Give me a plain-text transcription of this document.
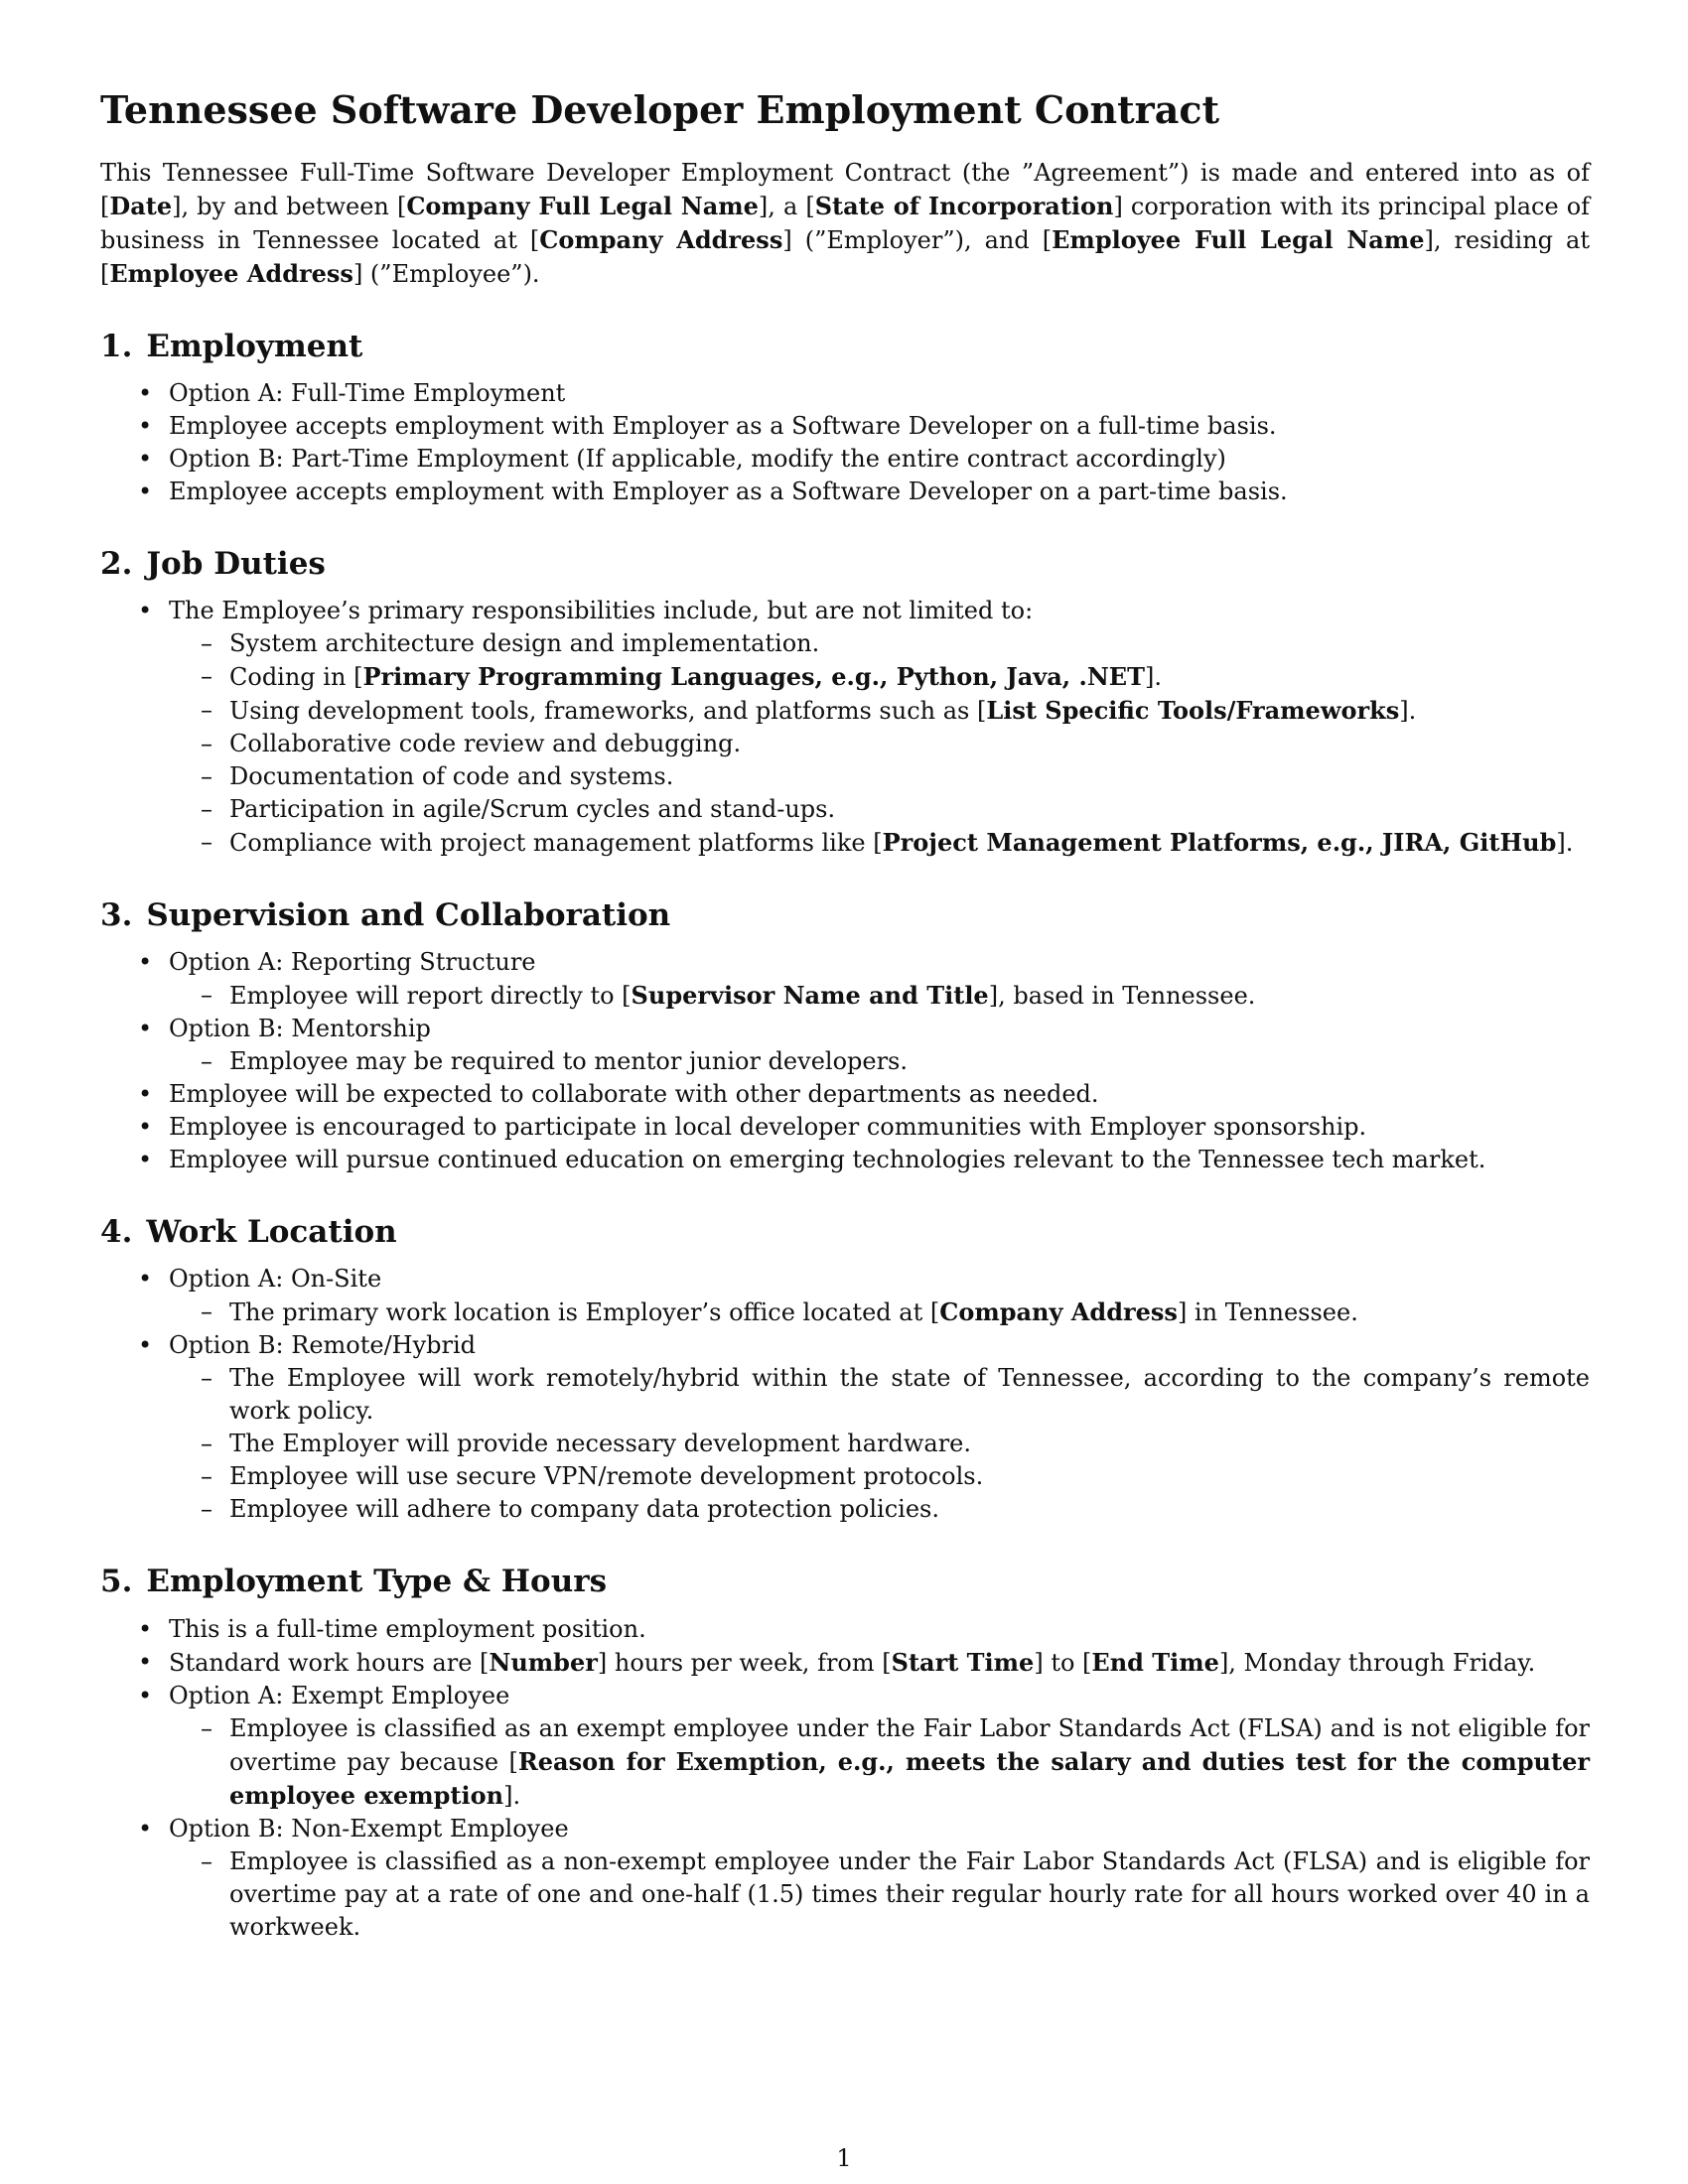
Tennessee Software Developer Employment Contract

This Tennessee Full-Time Software Developer Employment Contract (the ”Agreement”) is made and entered into as of [Date], by and between [Company Full Legal Name], a [State of Incorporation] corporation with its principal place of business in Tennessee located at [Company Address] (”Employer”), and [Employee Full Legal Name], residing at [Employee Address] (”Employee”).

1. Employment
• Option A: Full-Time Employment
• Employee accepts employment with Employer as a Software Developer on a full-time basis.
• Option B: Part-Time Employment (If applicable, modify the entire contract accordingly)
• Employee accepts employment with Employer as a Software Developer on a part-time basis.
2. Job Duties
• The Employee’s primary responsibilities include, but are not limited to:
– System architecture design and implementation.
– Coding in [Primary Programming Languages, e.g., Python, Java, .NET].
– Using development tools, frameworks, and platforms such as [List Specific Tools/Frameworks].
– Collaborative code review and debugging.
– Documentation of code and systems.
– Participation in agile/Scrum cycles and stand-ups.
– Compliance with project management platforms like [Project Management Platforms, e.g., JIRA, GitHub].
3. Supervision and Collaboration
• Option A: Reporting Structure
– Employee will report directly to [Supervisor Name and Title], based in Tennessee.
• Option B: Mentorship
– Employee may be required to mentor junior developers.
• Employee will be expected to collaborate with other departments as needed.
• Employee is encouraged to participate in local developer communities with Employer sponsorship.
• Employee will pursue continued education on emerging technologies relevant to the Tennessee tech market.
4. Work Location
• Option A: On-Site
– The primary work location is Employer’s office located at [Company Address] in Tennessee.
• Option B: Remote/Hybrid
– The Employee will work remotely/hybrid within the state of Tennessee, according to the company’s remote work policy.
– The Employer will provide necessary development hardware.
– Employee will use secure VPN/remote development protocols.
– Employee will adhere to company data protection policies.
5. Employment Type & Hours
• This is a full-time employment position.
• Standard work hours are [Number] hours per week, from [Start Time] to [End Time], Monday through Friday.
• Option A: Exempt Employee
– Employee is classified as an exempt employee under the Fair Labor Standards Act (FLSA) and is not eligible for overtime pay because [Reason for Exemption, e.g., meets the salary and duties test for the computer employee exemption].
• Option B: Non-Exempt Employee
– Employee is classified as a non-exempt employee under the Fair Labor Standards Act (FLSA) and is eligible for overtime pay at a rate of one and one-half (1.5) times their regular hourly rate for all hours worked over 40 in a workweek.
1
